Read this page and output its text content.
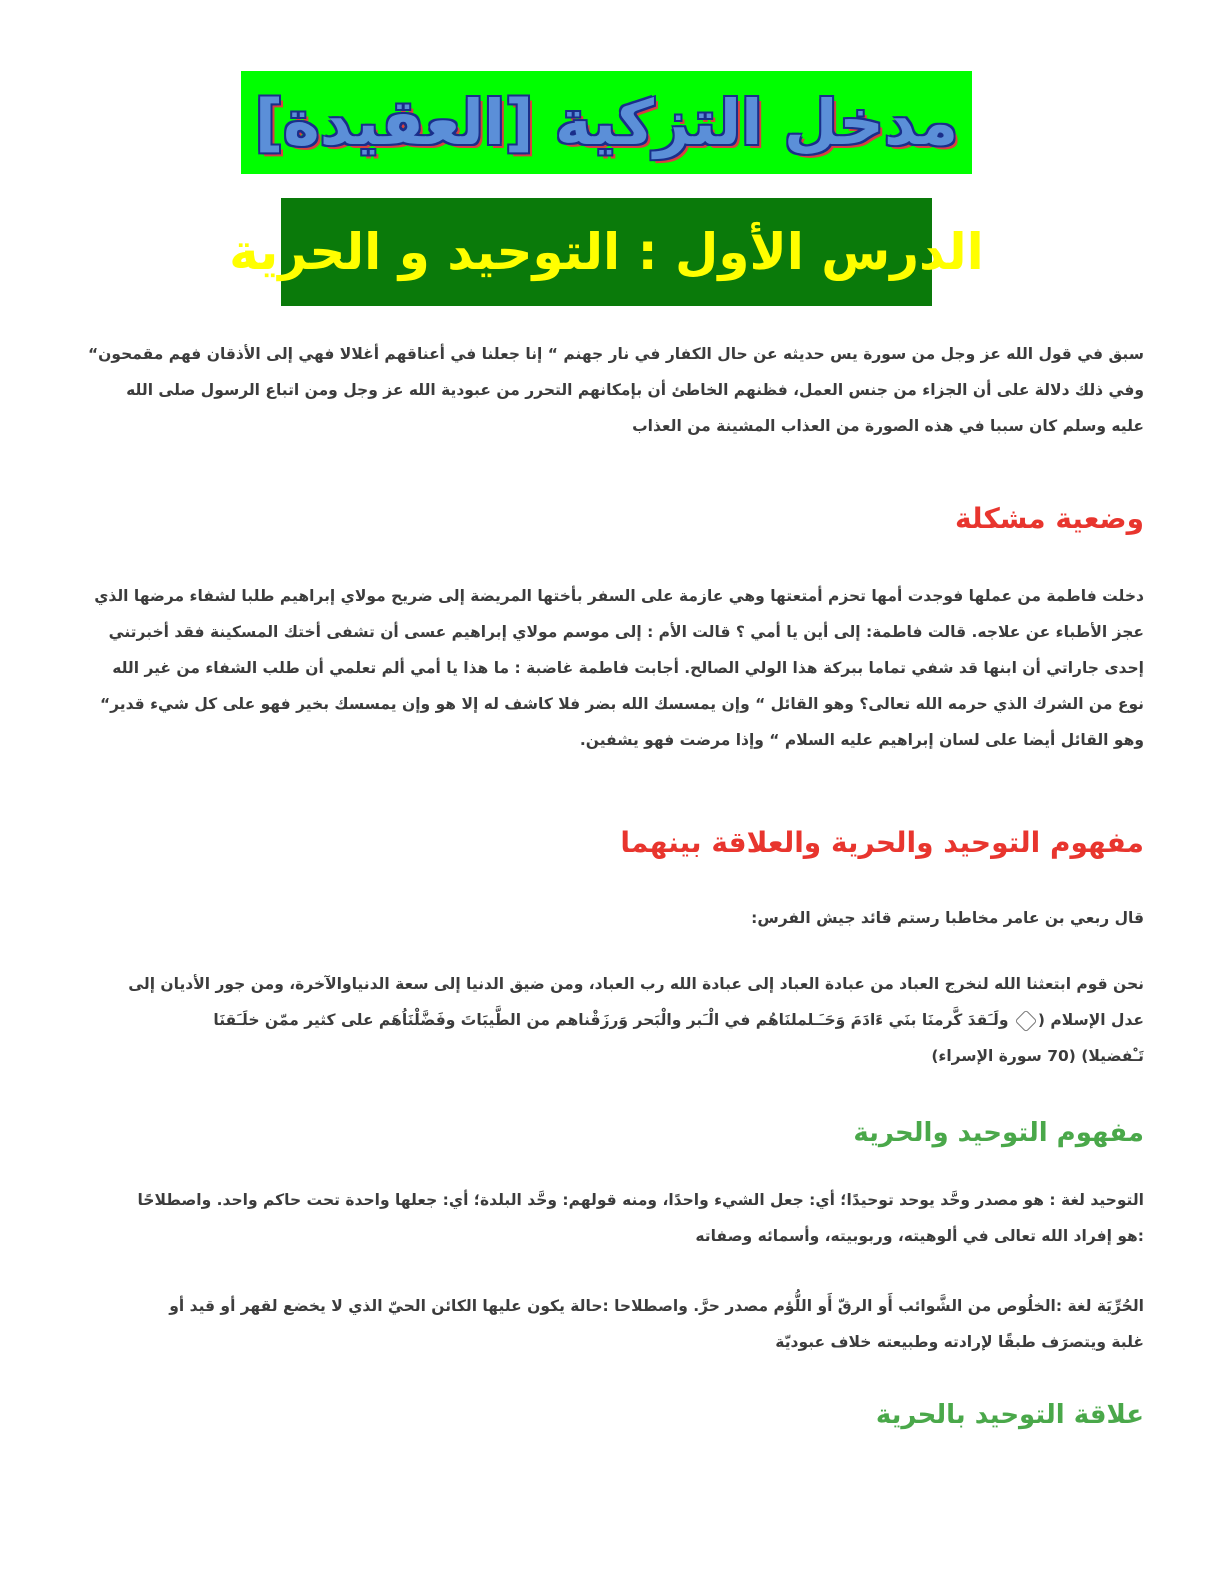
مدخل التزكية [العقيدة]
الدرس الأول : التوحيد و الحرية
سبق في قول الله عز وجل من سورة يس حديثه عن حال الكفار في نار جهنم “ إنا جعلنا في أعناقهم أغلالا فهي إلى الأذقان فهم مقمحون“
وفي ذلك دلالة على أن الجزاء من جنس العمل، فظنهم الخاطئ أن بإمكانهم التحرر من عبودية الله عز وجل ومن اتباع الرسول صلى الله
عليه وسلم كان سببا في هذه الصورة من العذاب المشينة من العذاب
وضعية مشكلة
دخلت فاطمة من عملها فوجدت أمها تحزم أمتعتها وهي عازمة على السفر بأختها المريضة إلى ضريح مولاي إبراهيم طلبا لشفاء مرضها الذي
عجز الأطباء عن علاجه. قالت فاطمة: إلى أين يا أمي ؟ قالت الأم : إلى موسم مولاي إبراهيم عسى أن تشفى أختك المسكينة فقد أخبرتني
إحدى جاراتي أن ابنها قد شفي تماما ببركة هذا الولي الصالح. أجابت فاطمة غاضبة : ما هذا يا أمي ألم تعلمي أن طلب الشفاء من غير الله
نوع من الشرك الذي حرمه الله تعالى؟ وهو القائل “ وإن يمسسك الله بضر فلا كاشف له إلا هو وإن يمسسك بخير فهو على كل شيء قدير“
وهو القائل أيضا على لسان إبراهيم عليه السلام “ وإذا مرضت فهو يشفين.
مفهوم التوحيد والحرية والعلاقة بينهما
قال ربعي بن عامر مخاطبا رستم قائد جيش الفرس:
نحن قوم ابتعثنا الله لنخرج العباد من عبادة العباد إلى عبادة الله رب العباد، ومن ضيق الدنيا إلى سعة الدنياوالآخرة، ومن جور الأديان إلى
عدل الإسلام ( ولَـَقدَ كَّرمنَا بنَي ءَادَمَ وَحَـَـلملنَاهُم في الْـَبر والْبَحر وَرزَقْناهم من الطَّيبَاتَ وفَضَّلْنَاُهَم على كثير ممّن خلَـَقنَا
تَـْفضيلا) (70 سورة الإسراء)
مفهوم التوحيد والحرية
التوحيد لغة : هو مصدر وحَّد يوحد توحيدًا؛ أي: جعل الشيء واحدًا، ومنه قولهم: وحَّد البلدة؛ أي: جعلها واحدة تحت حاكم واحد. واصطلاحًا
:هو إفراد الله تعالى في ألوهيته، وربوبيته، وأسمائه وصفاته
الحُرِّيَة لغة :الخلُوص من الشَّوائب أَو الرقّ أَو اللُّؤم مصدر حرَّ. واصطلاحا :حالة يكون عليها الكائن الحيّ الذي لا يخضع لقهر أو قيد أو
غلبة ويتصرَف طبقًا لإرادته وطبيعته خلاف عبوديّة
علاقة التوحيد بالحرية
